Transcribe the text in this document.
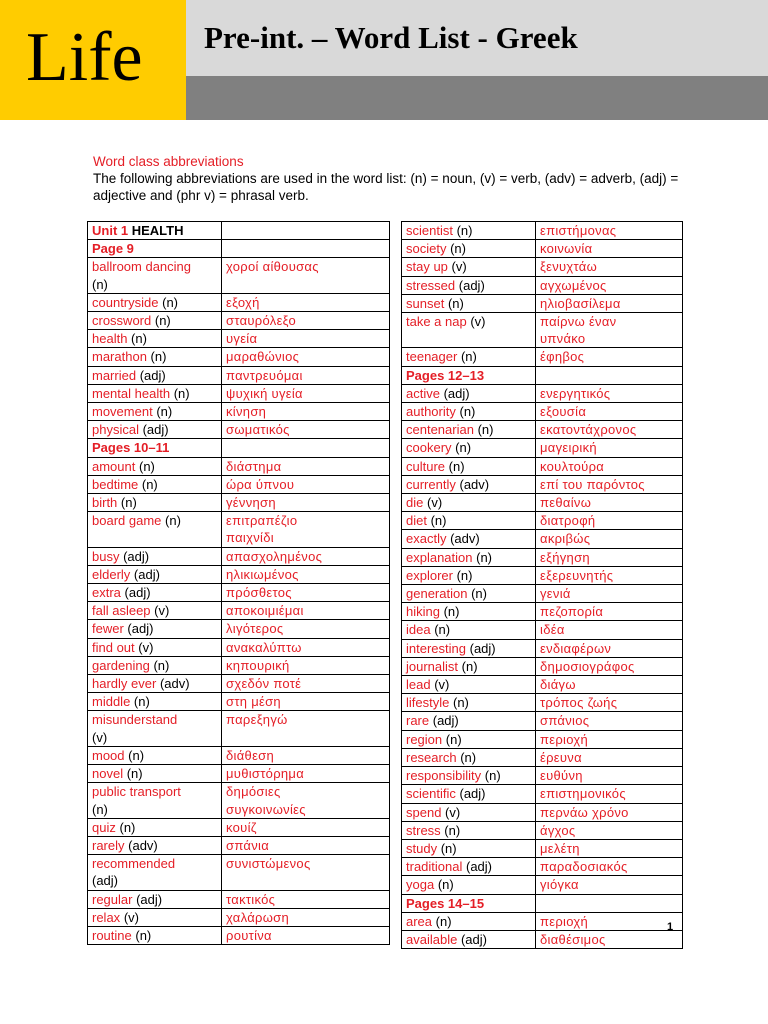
Life Pre-int. – Word List - Greek
Word class abbreviations
The following abbreviations are used in the word list: (n) = noun, (v) = verb, (adv) = adverb, (adj) = adjective and (phr v) = phrasal verb.
Unit 1 HEALTH	
Page 9	
ballroom dancing
(n)	χοροί αίθουσας
countryside (n)	εξοχή
crossword (n)	σταυρόλεξο
health (n)	υγεία
marathon (n)	μαραθώνιος
married (adj)	παντρευόμαι
mental health (n)	ψυχική υγεία
movement (n)	κίνηση
physical (adj)	σωματικός
Pages 10–11	
amount (n)	διάστημα
bedtime (n)	ώρα ύπνου
birth (n)	γέννηση
board game (n)	επιτραπέζιο
παιχνίδι
busy (adj)	απασχολημένος
elderly (adj)	ηλικιωμένος
extra (adj)	πρόσθετος
fall asleep (v)	αποκοιμιέμαι
fewer (adj)	λιγότερος
find out (v)	ανακαλύπτω
gardening (n)	κηπουρική
hardly ever (adv)	σχεδόν ποτέ
middle (n)	στη μέση
misunderstand
(v)	παρεξηγώ
mood (n)	διάθεση
novel (n)	μυθιστόρημα
public transport
(n)	δημόσιες
συγκοινωνίες
quiz (n)	κουίζ
rarely (adv)	σπάνια
recommended
(adj)	συνιστώμενος
regular (adj)	τακτικός
relax (v)	χαλάρωση
routine (n)	ρουτίνα
scientist (n)	επιστήμονας
society (n)	κοινωνία
stay up (v)	ξενυχτάω
stressed (adj)	αγχωμένος
sunset (n)	ηλιοβασίλεμα
take a nap (v)	παίρνω έναν
υπνάκο
teenager (n)	έφηβος
Pages 12–13	
active (adj)	ενεργητικός
authority (n)	εξουσία
centenarian (n)	εκατοντάχρονος
cookery (n)	μαγειρική
culture (n)	κουλτούρα
currently (adv)	επί του παρόντος
die (v)	πεθαίνω
diet (n)	διατροφή
exactly (adv)	ακριβώς
explanation (n)	εξήγηση
explorer (n)	εξερευνητής
generation (n)	γενιά
hiking (n)	πεζοπορία
idea (n)	ιδέα
interesting (adj)	ενδιαφέρων
journalist (n)	δημοσιογράφος
lead (v)	διάγω
lifestyle (n)	τρόπος ζωής
rare (adj)	σπάνιος
region (n)	περιοχή
research (n)	έρευνα
responsibility (n)	ευθύνη
scientific (adj)	επιστημονικός
spend (v)	περνάω χρόνο
stress (n)	άγχος
study (n)	μελέτη
traditional (adj)	παραδοσιακός
yoga (n)	γιόγκα
Pages 14–15	
area (n)	περιοχή
available (adj)	διαθέσιμος
1
